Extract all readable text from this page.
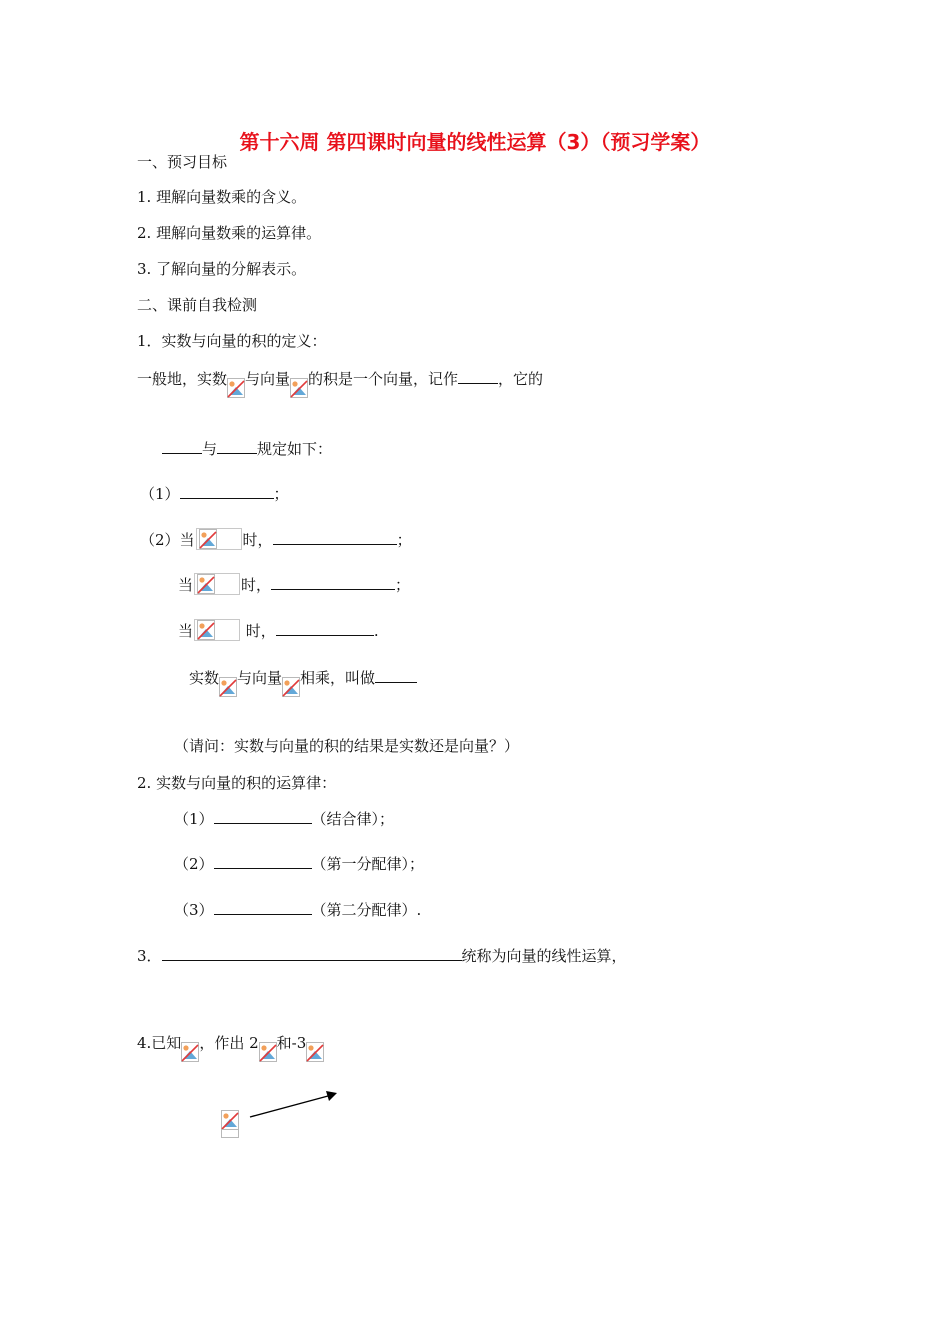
第十六周 第四课时向量的线性运算（3）（预习学案）
一、预习目标
1. 理解向量数乘的含义。
2. 理解向量数乘的运算律。
3. 了解向量的分解表示。
二、课前自我检测
1．实数与向量的积的定义：
一般地，实数 与向量 的积是一个向量，记作	，它的
与	规定如下：
（1）	；
（2）当	时，	；
当	时，	；
当	时，	.
实数 与向量 相乘，叫做
（请问：实数与向量的积的结果是实数还是向量？）
2. 实数与向量的积的运算律：
（1）	（结合律）；
（2）	（第一分配律）；
（3）	（第二分配律）.
3．	统称为向量的线性运算，
4.已知 ，作出 2 和-3
